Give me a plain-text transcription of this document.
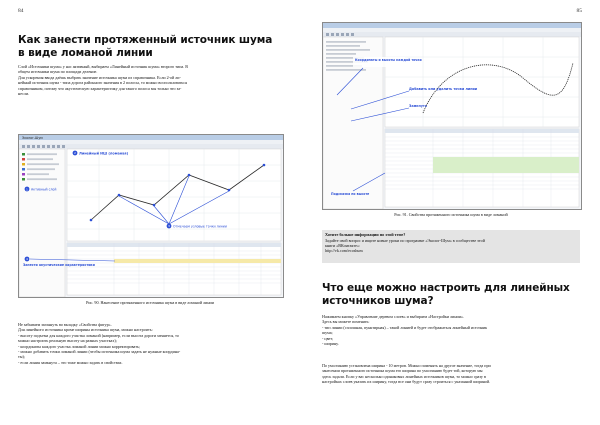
84
Как занести протяженный источник шума
в виде ломаной линии

Слой «Источники шума» у нас активный, выбираем «Линейный источник шума» второго типа. В
общем источники шума по площади деление.
Для ускорения ввода даёшь выбрать значение источника шума из справочника. Если 2-ой ли-
нейный источник шума - типа дорога районного значения в 2 полосы, то можно воспользоваться
справочником, потому что акустическую характеристику для такого полоса мы только что за-
несли.

Эколог-Шум
1 Активный слой
2 Линейный ИШ (ломаная)
3 Отмечаем узловые точки линии
4
Занести акустические характеристики
Рис. 90. Нанесение протяженного источника шума в виде ломаной линии

Не забываем заглянуть во вкладку «Свойства фигур».
Для линейного источника кроме ширины источника шума, можно настроить:
- высоту подъема для каждого участка ломаной (например, если высота дороги меняется, то
можно настроить реальную высоту на разных участках);
- координаты каждого участка ломаной линии можно корректировать;
- можно добавить точки ломаной линии (чтобы источника шума задать не нужные координа-
ты);
- если линия замкнута – это тоже можно задать в свойствах.

85
Координаты и высоты каждой точки
Добавить или удалить точки линии
Замкнуть
Подсказка по высоте
Рис. 91. Свойства протяженного источника шума в виде ломаной
Хотите больше информации по этой теме?
Задайте свой вопрос и ищите новые уроки по программе «Эколог-Шум» в сообществе этой
книги «ВКонтакте»:
http://vk.com/ecoshum
Что еще можно настроить для линейных
источников шума?

Нажимаем кнопку «Управление деревом слоев» и выбираем «Настройки линии».
Здесь вы можете поменять:
- тип линии (сплошная, пунктирная) – такой линией и будет отображаться линейный источник
шума;
- цвет;
- ширину.

По умолчанию установлена ширина - 10 метров. Можно поменять на другое значение, тогда при
занесении протяженного источника шума его ширина по умолчанию будет той, которую мы
здесь задали. Если у вас несколько одинаковых линейных источников шума, то можно сразу в
настройках слоев указать их ширину, тогда все они будут сразу строиться с указанной шириной.
